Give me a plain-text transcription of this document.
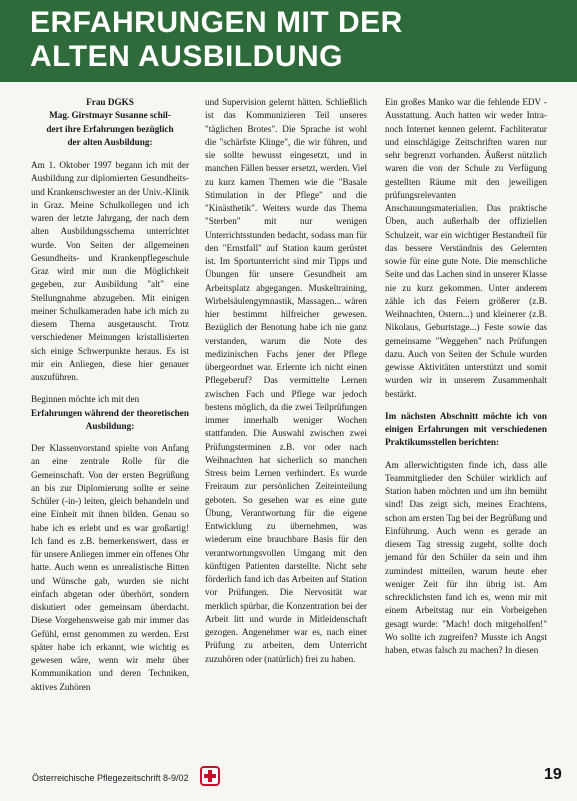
ERFAHRUNGEN MIT DER
ALTEN AUSBILDUNG

Frau DGKS
Mag. Girstmayr Susanne schil-
dert ihre Erfahrungen bezüglich
der alten Ausbildung:

Am 1. Oktober 1997 begann ich mit der Ausbildung zur diplomierten Gesundheits- und Krankenschwester an der Univ.-Klinik in Graz. Meine Schulkollegen und ich waren der letzte Jahrgang, der nach dem alten Ausbildungsschema unterrichtet wurde. Von Seiten der allgemeinen Gesundheits- und Krankenpflegeschule Graz wird mir nun die Möglichkeit gegeben, zur Ausbildung "alt" eine Stellungnahme abzugeben. Mit einigen meiner Schulkameraden habe ich mich zu diesem Thema ausgetauscht. Trotz verschiedener Meinungen kristallisierten sich einige Schwerpunkte heraus. Es ist mir ein Anliegen, diese hier genauer auszuführen.

Beginnen möchte ich mit den

Erfahrungen während der theoretischen Ausbildung:

Der Klassenvorstand spielte von Anfang an eine zentrale Rolle für die Gemeinschaft. Von der ersten Begrüßung an bis zur Diplomierung sollte er seine Schüler (-in-) leiten, gleich behandeln und eine Einheit mit ihnen bilden. Genau so habe ich es erlebt und es war großartig! Ich fand es z.B. bemerkenswert, dass er für unsere Anliegen immer ein offenes Ohr hatte. Auch wenn es unrealistische Bitten und Wünsche gab, wurden sie nicht einfach abgetan oder überhört, sondern diskutiert oder gemeinsam überdacht. Diese Vorgehensweise gab mir immer das Gefühl, ernst genommen zu werden. Erst später habe ich erkannt, wie wichtig es gewesen wäre, wenn wir mehr über Kommunikation und deren Techniken, aktives Zuhören

und Supervision gelernt hätten. Schließlich ist das Kommunizieren Teil unseres "täglichen Brotes". Die Sprache ist wohl die "schärfste Klinge", die wir führen, und sie sollte bewusst eingesetzt, und in manchen Fällen besser ersetzt, werden. Viel zu kurz kamen Themen wie die "Basale Stimulation in der Pflege" und die "Kinästhetik". Weiters wurde das Thema "Sterben" mit nur wenigen Unterrichtsstunden bedacht, sodass man für den "Ernstfall" auf Station kaum gerüstet ist. Im Sportunterricht sind mir Tipps und Übungen für unsere Gesundheit am Arbeitsplatz abgegangen. Muskeltraining, Wirbelsäulengymnastik, Massagen... wären hier bestimmt hilfreicher gewesen. Bezüglich der Benotung habe ich nie ganz verstanden, warum die Note des medizinischen Fachs jener der Pflege übergeordnet war. Erlernte ich nicht einen Pflegeberuf? Das vermittelte Lernen zwischen Fach und Pflege war jedoch bestens möglich, da die zwei Teilprüfungen immer innerhalb weniger Wochen stattfanden. Die Auswahl zwischen zwei Prüfungsterminen z.B. vor oder nach Weihnachten hat sicherlich so manchen Stress beim Lernen verhindert. Es wurde Freiraum zur persönlichen Zeiteinteilung geboten. So gesehen war es eine gute Übung, Verantwortung für die eigene Entwicklung zu übernehmen, was wiederum eine brauchbare Basis für den verantwortungsvollen Umgang mit den künftigen Patienten darstellte. Nicht sehr förderlich fand ich das Arbeiten auf Station vor Prüfungen. Die Nervosität war merklich spürbar, die Konzentration bei der Arbeit litt und wurde in Mitleidenschaft gezogen. Angenehmer war es, nach einer Prüfung zu arbeiten, dem Unterricht zuzuhören oder (natürlich) frei zu haben.

Ein großes Manko war die fehlende EDV - Ausstattung. Auch hatten wir weder Intra- noch Internet kennen gelernt. Fachliteratur und einschlägige Zeitschriften waren nur sehr begrenzt vorhanden. Äußerst nützlich waren die von der Schule zu Verfügung gestellten Räume mit den jeweiligen prüfungsrelevanten Anschauungsmaterialien. Das praktische Üben, auch außerhalb der offiziellen Schulzeit, war ein wichtiger Bestandteil für das bessere Verständnis des Gelernten sowie für eine gute Note. Die menschliche Seite und das Lachen sind in unserer Klasse nie zu kurz gekommen. Unter anderem zähle ich das Feiern größerer (z.B. Weihnachten, Ostern...) und kleinerer (z.B. Nikolaus, Geburtstage...) Feste sowie das gemeinsame "Weggehen" nach Prüfungen dazu. Auch von Seiten der Schule wurden gewisse Aktivitäten unterstützt und somit wurden wir in unserem Zusammenhalt bestärkt.

Im nächsten Abschnitt möchte ich von einigen Erfahrungen mit verschiedenen Praktikumsstellen berichten:

Am allerwichtigsten finde ich, dass alle Teammitglieder den Schüler wirklich auf Station haben möchten und um ihn bemüht sind! Das zeigt sich, meines Erachtens, schon am ersten Tag bei der Begrüßung und Einführung. Auch wenn es gerade an diesem Tag stressig zugeht, sollte doch jemand für den Schüler da sein und ihm zumindest mitteilen, warum heute eher weniger Zeit für ihn übrig ist. Am schrecklichsten fand ich es, wenn mir mit einem Arbeitstag nur ein Vorbeigehen gesagt wurde: "Mach! doch mitgeholfen!" Wo sollte ich zugreifen? Musste ich Angst haben, etwas falsch zu machen? In diesen

Österreichische Pflegezeitschrift 8-9/02	19
